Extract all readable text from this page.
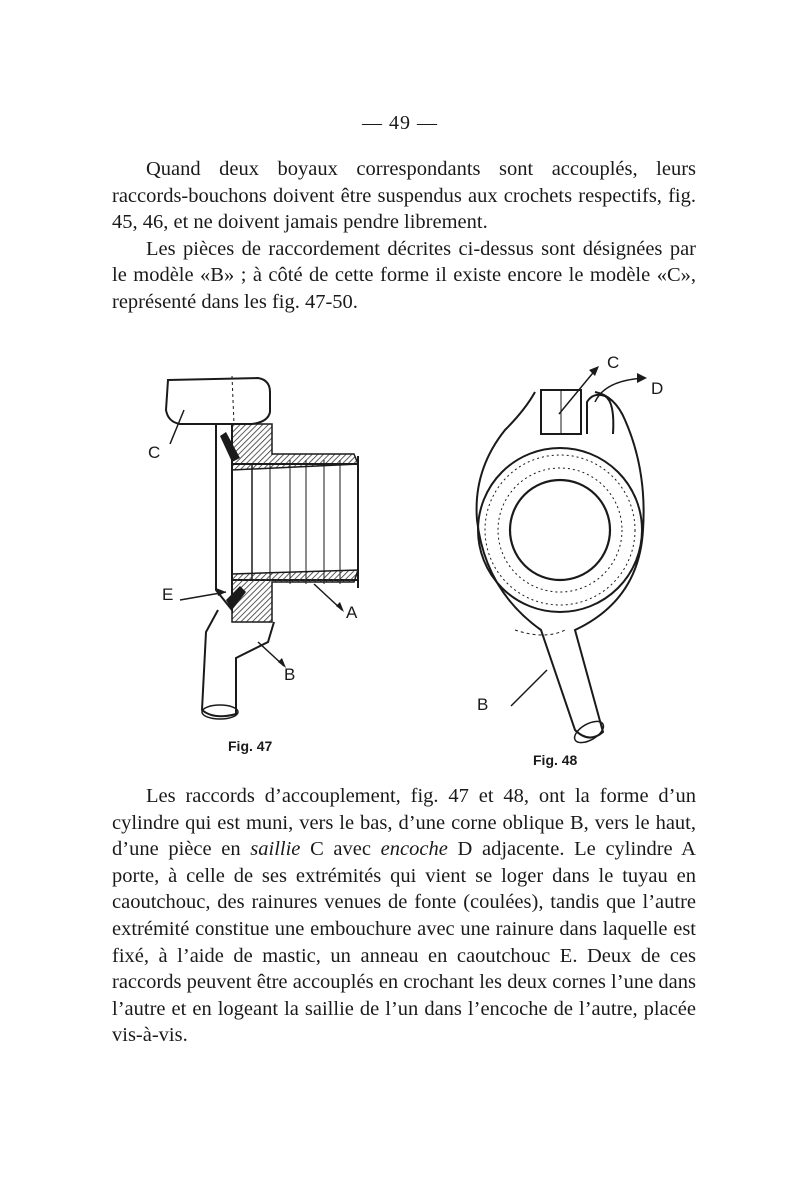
— 49 —

Quand deux boyaux correspondants sont accouplés, leurs raccords-bouchons doivent être suspendus aux crochets respectifs, fig. 45, 46, et ne doivent jamais pendre librement.

Les pièces de raccordement décrites ci-dessus sont désignées par le modèle «B» ; à côté de cette forme il existe encore le modèle «C», représenté dans les fig. 47-50.

C
E
A
B
Fig. 47
C
D
B
Fig. 48

Les raccords d’accouplement, fig. 47 et 48, ont la forme d’un cylindre qui est muni, vers le bas, d’une corne oblique B, vers le haut, d’une pièce en saillie C avec encoche D adjacente. Le cylindre A porte, à celle de ses extrémités qui vient se loger dans le tuyau en caoutchouc, des rainures venues de fonte (coulées), tandis que l’autre extrémité constitue une embouchure avec une rainure dans laquelle est fixé, à l’aide de mastic, un anneau en caoutchouc E. Deux de ces raccords peuvent être accouplés en crochant les deux cornes l’une dans l’autre et en logeant la saillie de l’un dans l’encoche de l’autre, placée vis-à-vis.
